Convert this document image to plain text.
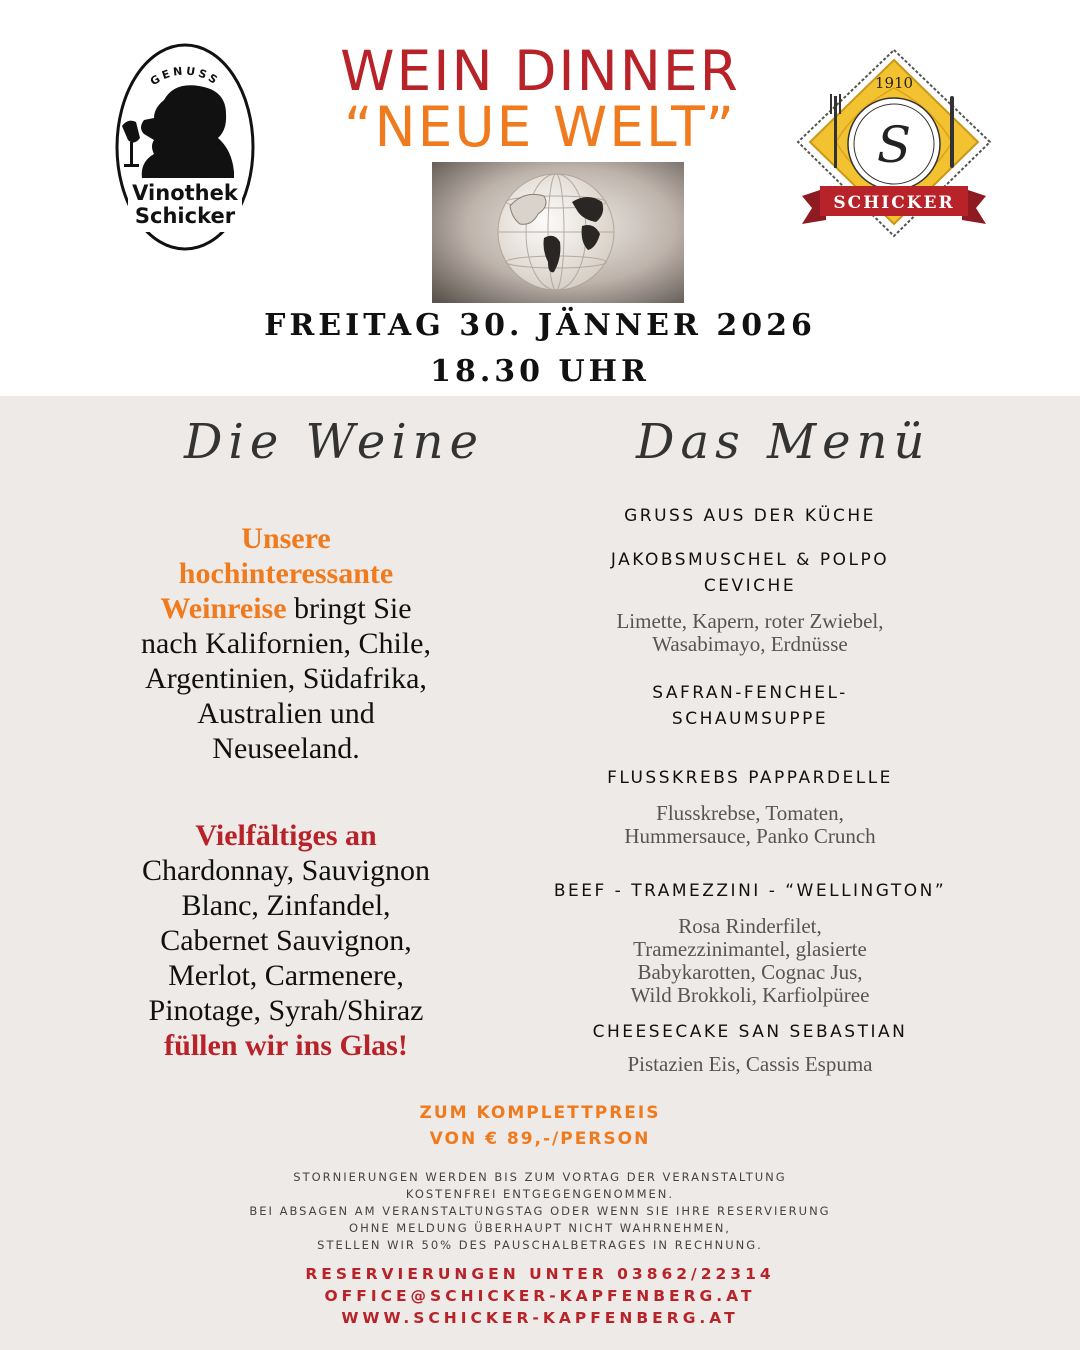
GENUSS
Vinothek
Schicker
WEIN DINNER
“NEUE WELT”
1910
S
SCHICKER
FREITAG 30. JÄNNER 2026
18.30 UHR
Die Weine	Das Menü
Unsere
hochinteressante
Weinreise bringt Sie
nach Kalifornien, Chile,
Argentinien, Südafrika,
Australien und
Neuseeland.
Vielfältiges an
Chardonnay, Sauvignon
Blanc, Zinfandel,
Cabernet Sauvignon,
Merlot, Carmenere,
Pinotage, Syrah/Shiraz
füllen wir ins Glas!
GRUSS AUS DER KÜCHE
JAKOBSMUSCHEL & POLPO
CEVICHE
Limette, Kapern, roter Zwiebel,
Wasabimayo, Erdnüsse
SAFRAN-FENCHEL-
SCHAUMSUPPE
FLUSSKREBS PAPPARDELLE
Flusskrebse, Tomaten,
Hummersauce, Panko Crunch
BEEF - TRAMEZZINI - “WELLINGTON”
Rosa Rinderfilet,
Tramezzinimantel, glasierte
Babykarotten, Cognac Jus,
Wild Brokkoli, Karfiolpüree
CHEESECAKE SAN SEBASTIAN
Pistazien Eis, Cassis Espuma
ZUM KOMPLETTPREIS
VON € 89,-/PERSON
STORNIERUNGEN WERDEN BIS ZUM VORTAG DER VERANSTALTUNG
KOSTENFREI ENTGEGENGENOMMEN.
BEI ABSAGEN AM VERANSTALTUNGSTAG ODER WENN SIE IHRE RESERVIERUNG
OHNE MELDUNG ÜBERHAUPT NICHT WAHRNEHMEN,
STELLEN WIR 50% DES PAUSCHALBETRAGES IN RECHNUNG.
RESERVIERUNGEN UNTER 03862/22314
OFFICE@SCHICKER-KAPFENBERG.AT
WWW.SCHICKER-KAPFENBERG.AT
